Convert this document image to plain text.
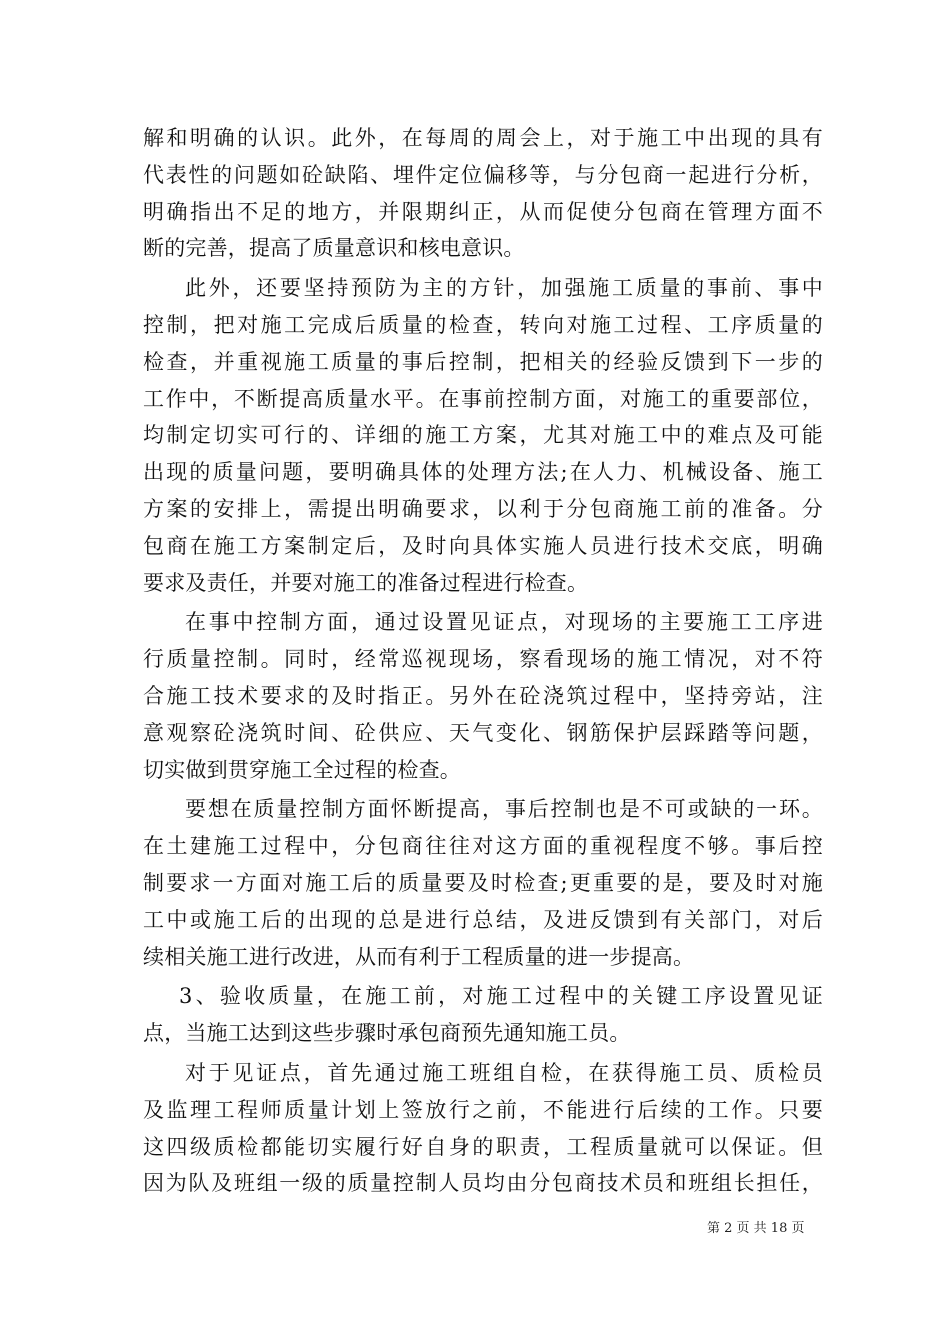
解和明确的认识。此外，在每周的周会上，对于施工中出现的具有
代表性的问题如砼缺陷、埋件定位偏移等，与分包商一起进行分析，
明确指出不足的地方，并限期纠正，从而促使分包商在管理方面不
断的完善，提高了质量意识和核电意识。
此外，还要坚持预防为主的方针，加强施工质量的事前、事中
控制，把对施工完成后质量的检查，转向对施工过程、工序质量的
检查，并重视施工质量的事后控制，把相关的经验反馈到下一步的
工作中，不断提高质量水平。在事前控制方面，对施工的重要部位，
均制定切实可行的、详细的施工方案，尤其对施工中的难点及可能
出现的质量问题，要明确具体的处理方法;在人力、机械设备、施工
方案的安排上，需提出明确要求，以利于分包商施工前的准备。分
包商在施工方案制定后，及时向具体实施人员进行技术交底，明确
要求及责任，并要对施工的准备过程进行检查。
在事中控制方面，通过设置见证点，对现场的主要施工工序进
行质量控制。同时，经常巡视现场，察看现场的施工情况，对不符
合施工技术要求的及时指正。另外在砼浇筑过程中，坚持旁站，注
意观察砼浇筑时间、砼供应、天气变化、钢筋保护层踩踏等问题，
切实做到贯穿施工全过程的检查。
要想在质量控制方面怀断提高，事后控制也是不可或缺的一环。
在土建施工过程中，分包商往往对这方面的重视程度不够。事后控
制要求一方面对施工后的质量要及时检查;更重要的是，要及时对施
工中或施工后的出现的总是进行总结，及进反馈到有关部门，对后
续相关施工进行改进，从而有利于工程质量的进一步提高。
3、验收质量，在施工前，对施工过程中的关键工序设置见证
点，当施工达到这些步骤时承包商预先通知施工员。
对于见证点，首先通过施工班组自检，在获得施工员、质检员
及监理工程师质量计划上签放行之前，不能进行后续的工作。只要
这四级质检都能切实履行好自身的职责，工程质量就可以保证。但
因为队及班组一级的质量控制人员均由分包商技术员和班组长担任，
第 2 页 共 18 页
